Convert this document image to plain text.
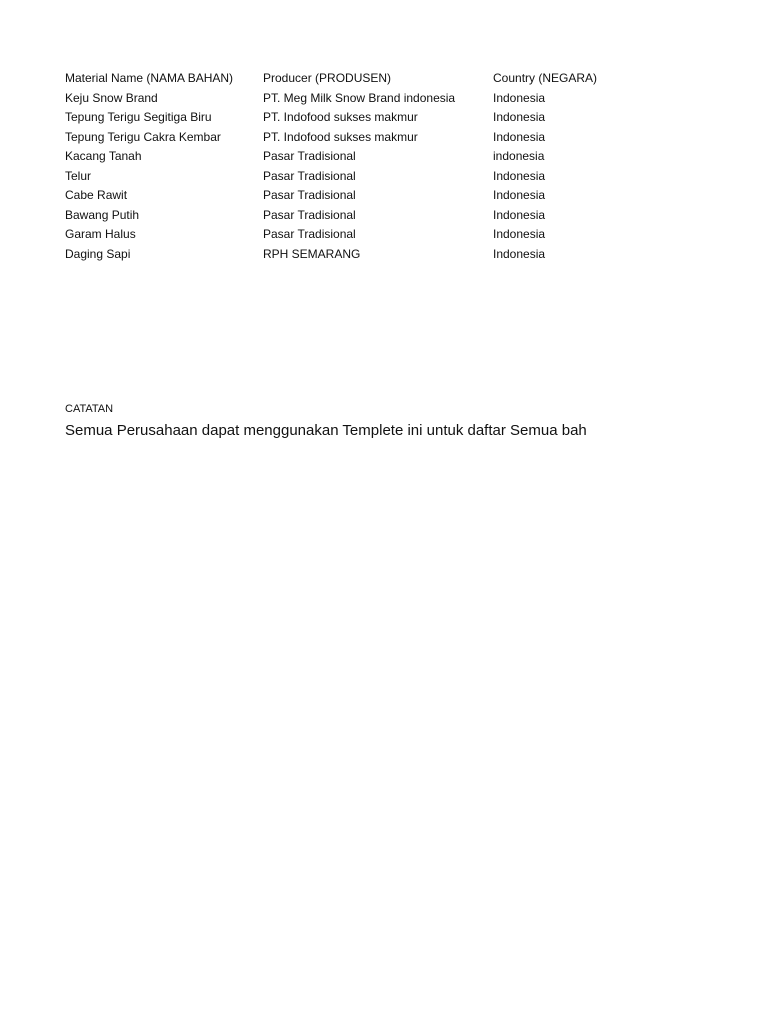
Material Name (NAMA BAHAN)	Producer (PRODUSEN)	Country (NEGARA)
Keju Snow Brand	PT. Meg Milk Snow Brand indonesia	Indonesia
Tepung Terigu Segitiga Biru	PT. Indofood sukses makmur	Indonesia
Tepung Terigu Cakra Kembar	PT. Indofood sukses makmur	Indonesia
Kacang Tanah	Pasar Tradisional	indonesia
Telur	Pasar Tradisional	Indonesia
Cabe Rawit	Pasar Tradisional	Indonesia
Bawang Putih	Pasar Tradisional	Indonesia
Garam Halus	Pasar Tradisional	Indonesia
Daging Sapi	RPH SEMARANG	Indonesia
CATATAN
Semua Perusahaan dapat menggunakan Templete ini untuk daftar Semua bah
